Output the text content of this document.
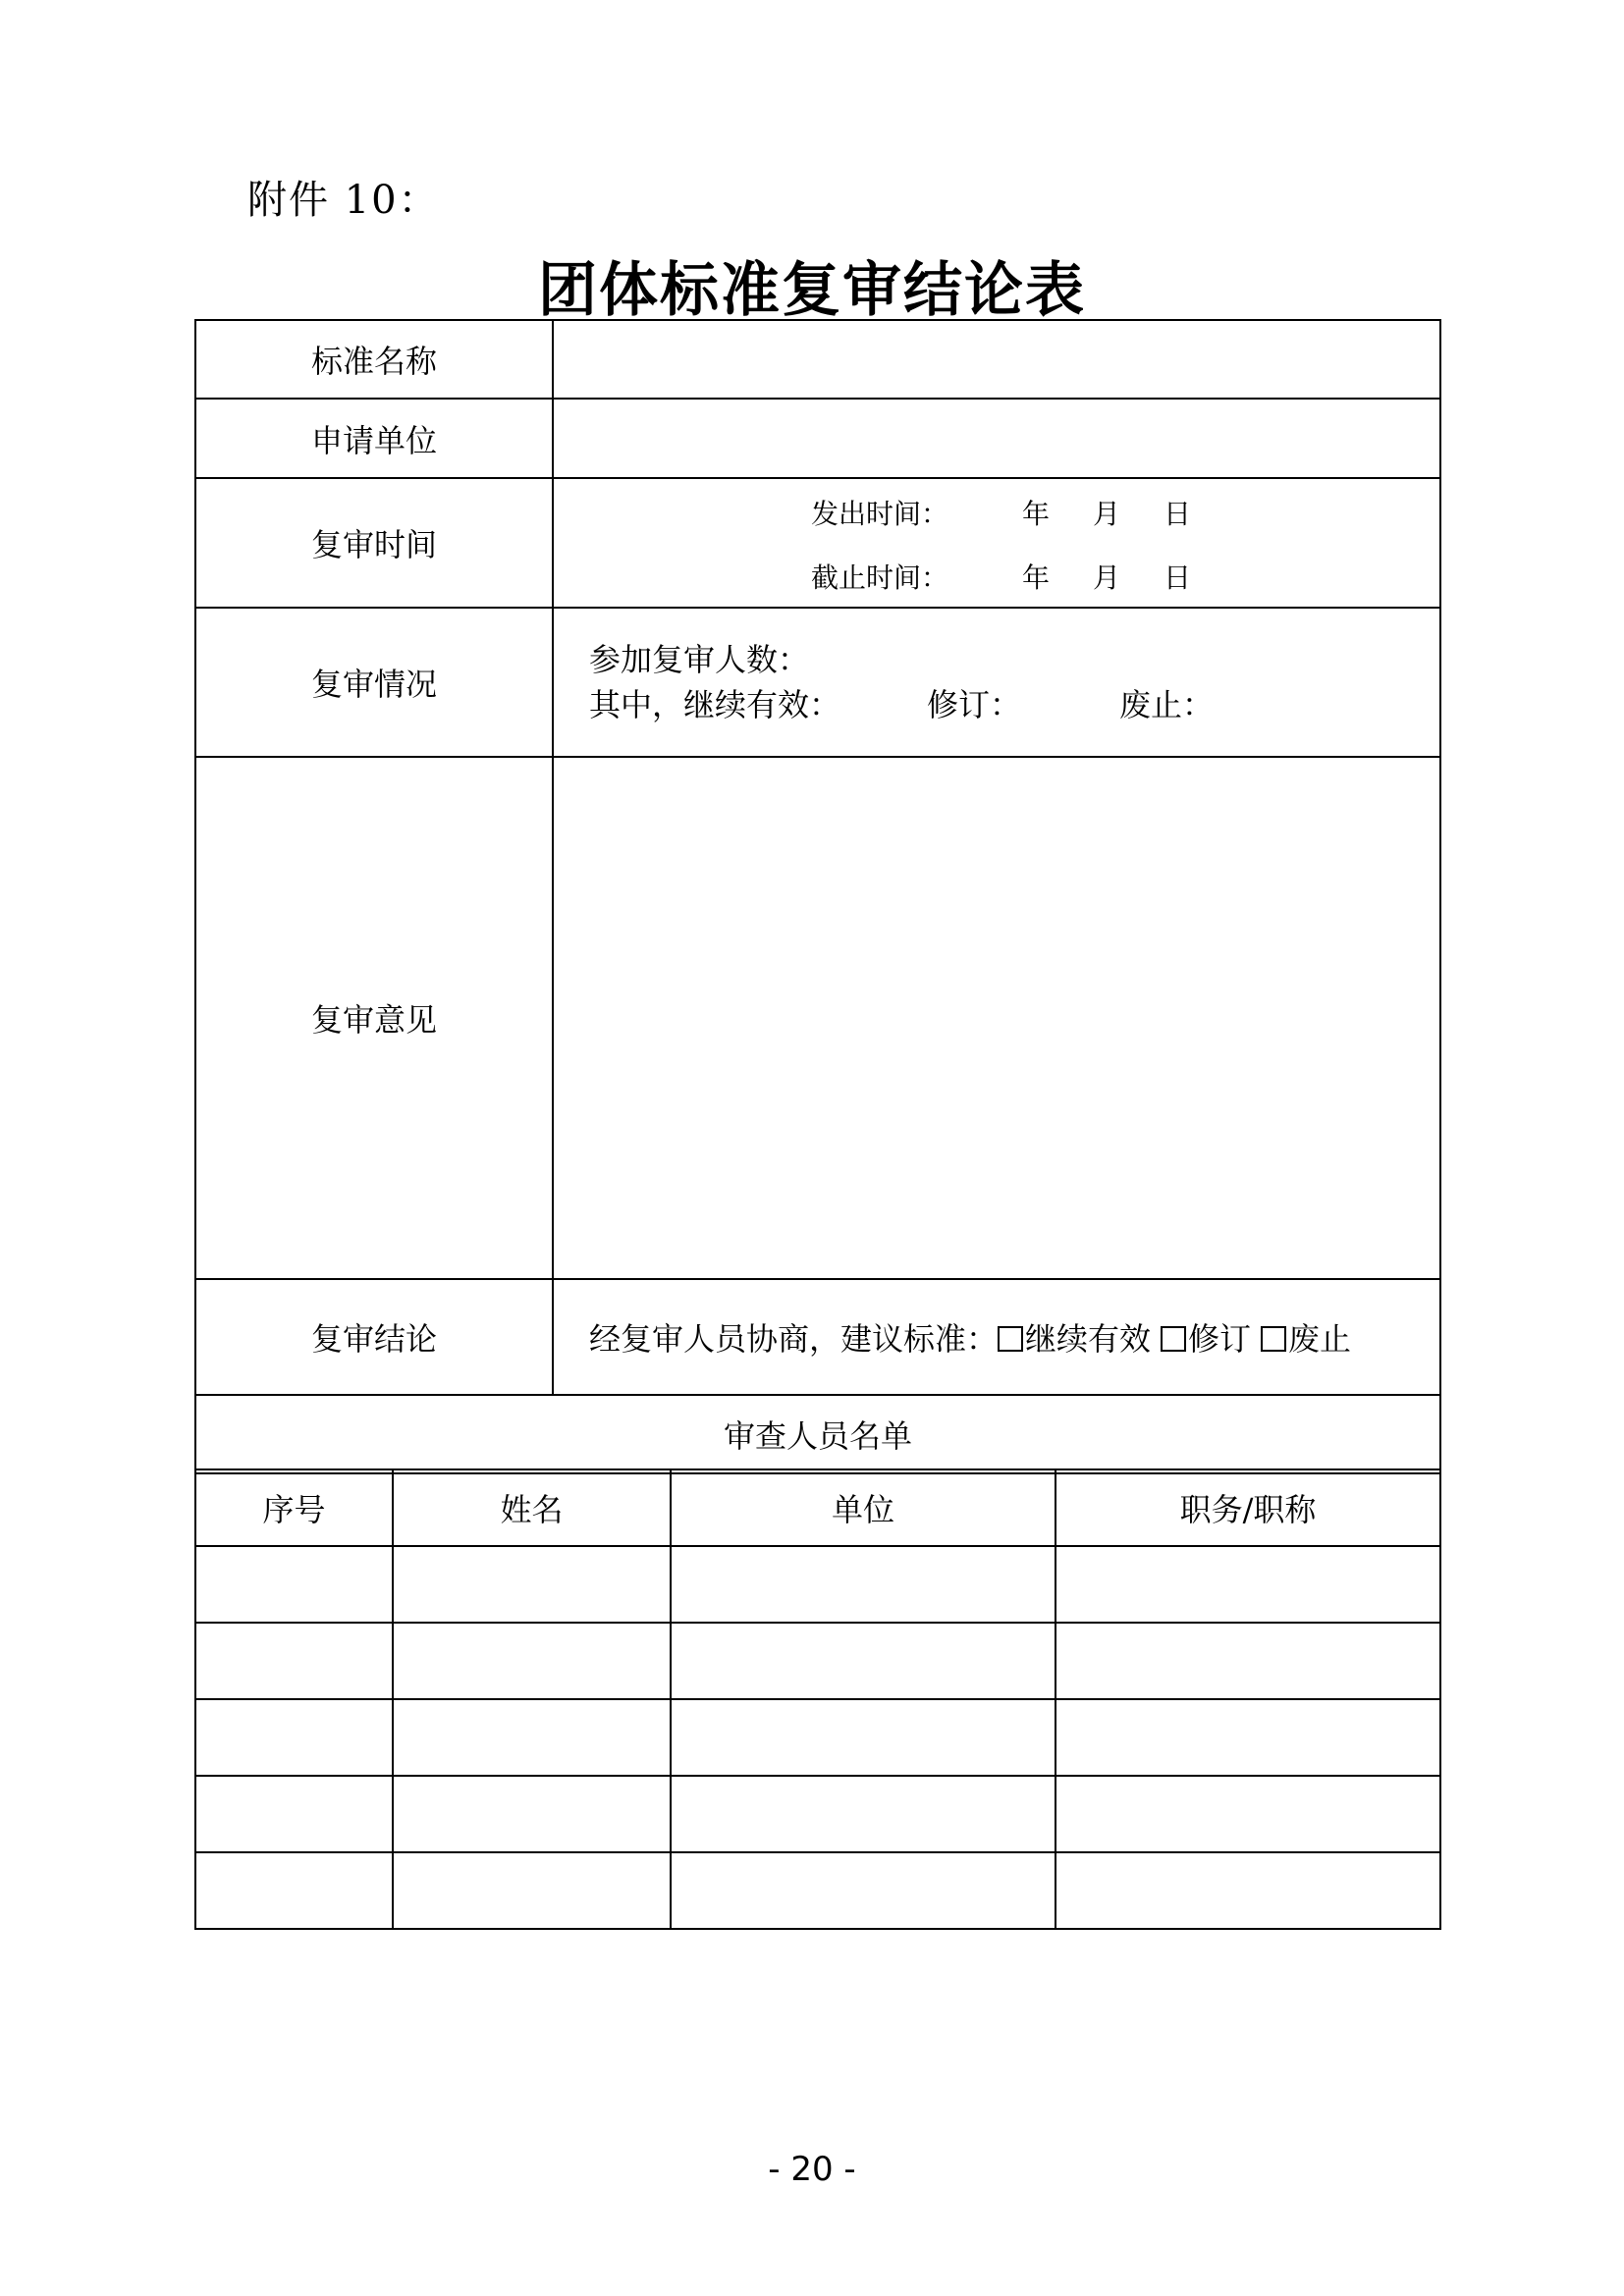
附件 10：
团体标准复审结论表
标准名称	
申请单位	
复审时间	发出时间： 年 月 日
截止时间： 年 月 日

复审情况	参加复审人数：
其中，继续有效： 修订： 废止：

复审意见	
复审结论	经复审人员协商，建议标准： 继续有效 修订 废止
审查人员名单	
序号	姓名	单位	职务/职称

- 20 -
